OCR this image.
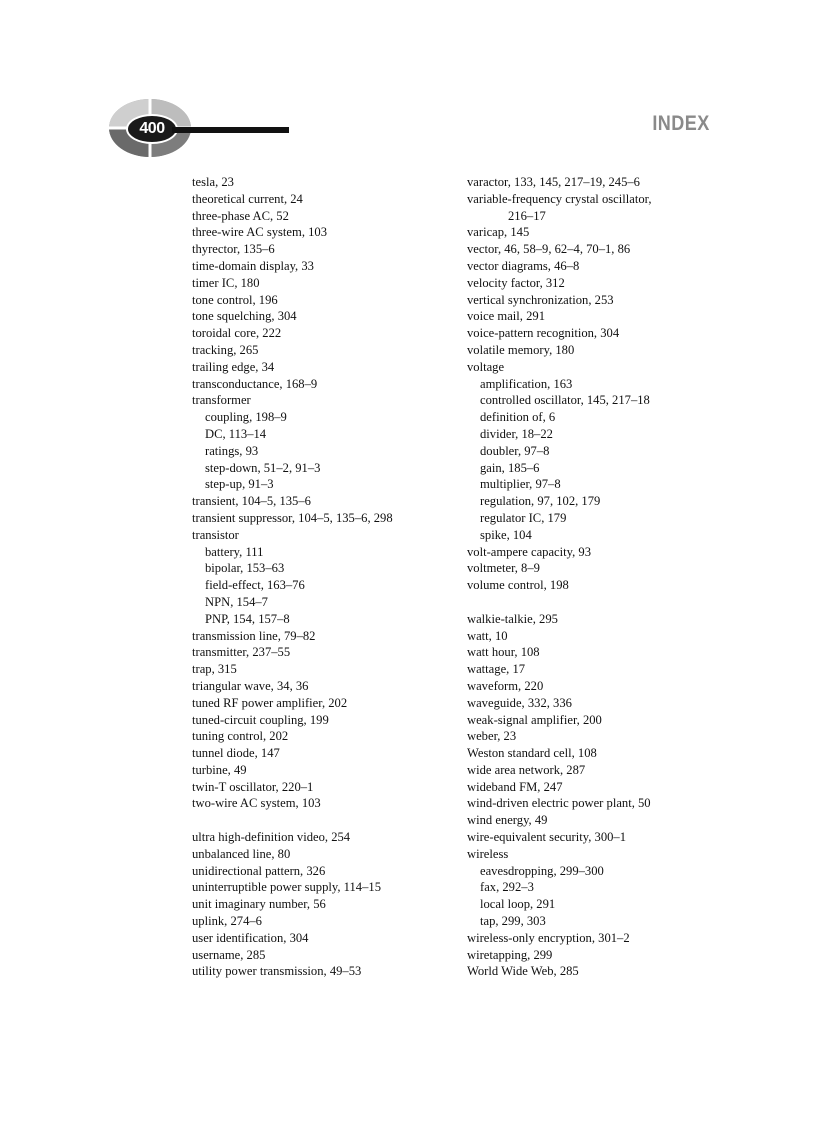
400	INDEX
tesla, 23
theoretical current, 24
three-phase AC, 52
three-wire AC system, 103
thyrector, 135–6
time-domain display, 33
timer IC, 180
tone control, 196
tone squelching, 304
toroidal core, 222
tracking, 265
trailing edge, 34
transconductance, 168–9
transformer
coupling, 198–9
DC, 113–14
ratings, 93
step-down, 51–2, 91–3
step-up, 91–3
transient, 104–5, 135–6
transient suppressor, 104–5, 135–6, 298
transistor
battery, 111
bipolar, 153–63
field-effect, 163–76
NPN, 154–7
PNP, 154, 157–8
transmission line, 79–82
transmitter, 237–55
trap, 315
triangular wave, 34, 36
tuned RF power amplifier, 202
tuned-circuit coupling, 199
tuning control, 202
tunnel diode, 147
turbine, 49
twin-T oscillator, 220–1
two-wire AC system, 103
ultra high-definition video, 254
unbalanced line, 80
unidirectional pattern, 326
uninterruptible power supply, 114–15
unit imaginary number, 56
uplink, 274–6
user identification, 304
username, 285
utility power transmission, 49–53
varactor, 133, 145, 217–19, 245–6
variable-frequency crystal oscillator,
216–17
varicap, 145
vector, 46, 58–9, 62–4, 70–1, 86
vector diagrams, 46–8
velocity factor, 312
vertical synchronization, 253
voice mail, 291
voice-pattern recognition, 304
volatile memory, 180
voltage
amplification, 163
controlled oscillator, 145, 217–18
definition of, 6
divider, 18–22
doubler, 97–8
gain, 185–6
multiplier, 97–8
regulation, 97, 102, 179
regulator IC, 179
spike, 104
volt-ampere capacity, 93
voltmeter, 8–9
volume control, 198
walkie-talkie, 295
watt, 10
watt hour, 108
wattage, 17
waveform, 220
waveguide, 332, 336
weak-signal amplifier, 200
weber, 23
Weston standard cell, 108
wide area network, 287
wideband FM, 247
wind-driven electric power plant, 50
wind energy, 49
wire-equivalent security, 300–1
wireless
eavesdropping, 299–300
fax, 292–3
local loop, 291
tap, 299, 303
wireless-only encryption, 301–2
wiretapping, 299
World Wide Web, 285
